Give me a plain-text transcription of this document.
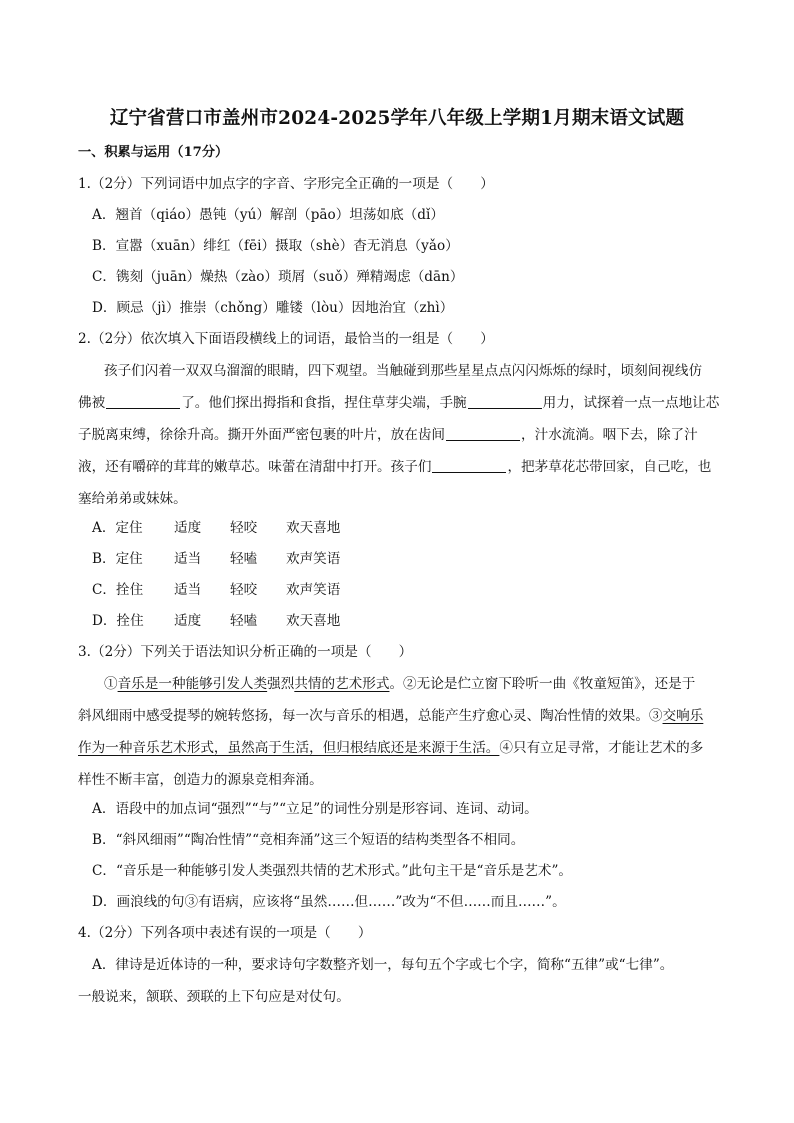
辽宁省营口市盖州市2024-2025学年八年级上学期1月期末语文试题
一、积累与运用（17分）
1.（2分）下列词语中加点字的字音、字形完全正确的一项是（　　）
A．翘首（qiáo）愚钝（yú）解剖（pāo）坦荡如底（dǐ）
B．宣嚣（xuān）绯红（fēi）摄取（shè）杳无消息（yǎo）
C．镌刻（juān）燥热（zào）琐屑（suǒ）殚精竭虑（dān）
D．顾忌（jì）推崇（chǒng）雕镂（lòu）因地治宜（zhì）
2.（2分）依次填入下面语段横线上的词语，最恰当的一组是（　　）
孩子们闪着一双双乌溜溜的眼睛，四下观望。当触碰到那些星星点点闪闪烁烁的绿时，顷刻间视线仿
佛被	了。他们探出拇指和食指，捏住草芽尖端，手腕	用力，试探着一点一点地让芯
子脱离束缚，徐徐升高。撕开外面严密包裹的叶片，放在齿间	，汁水流淌。咽下去，除了汁
液，还有嚼碎的茸茸的嫩草芯。味蕾在清甜中打开。孩子们	，把茅草花芯带回家，自己吃，也
塞给弟弟或妹妹。
A．定住 适度 轻咬 欢天喜地
B．定住 适当 轻嗑 欢声笑语
C．拴住 适当 轻咬 欢声笑语
D．拴住 适度 轻嗑 欢天喜地
3.（2分）下列关于语法知识分析正确的一项是（　　）
①音乐是一种能够引发人类强烈共情的艺术形式。②无论是伫立窗下聆听一曲《牧童短笛》，还是于
斜风细雨中感受提琴的婉转悠扬，每一次与音乐的相遇，总能产生疗愈心灵、陶冶性情的效果。③交响乐
作为一种音乐艺术形式，虽然高于生活，但归根结底还是来源于生活。④只有立足寻常，才能让艺术的多
样性不断丰富，创造力的源泉竞相奔涌。
A．语段中的加点词“强烈”“与”“立足”的词性分别是形容词、连词、动词。
B．“斜风细雨”“陶冶性情”“竞相奔涌”这三个短语的结构类型各不相同。
C．“音乐是一种能够引发人类强烈共情的艺术形式。”此句主干是“音乐是艺术”。
D．画浪线的句③有语病，应该将“虽然……但……”改为“不但……而且……”。
4.（2分）下列各项中表述有误的一项是（　　）
A．律诗是近体诗的一种，要求诗句字数整齐划一，每句五个字或七个字，简称“五律”或“七律”。
一般说来，颔联、颈联的上下句应是对仗句。
